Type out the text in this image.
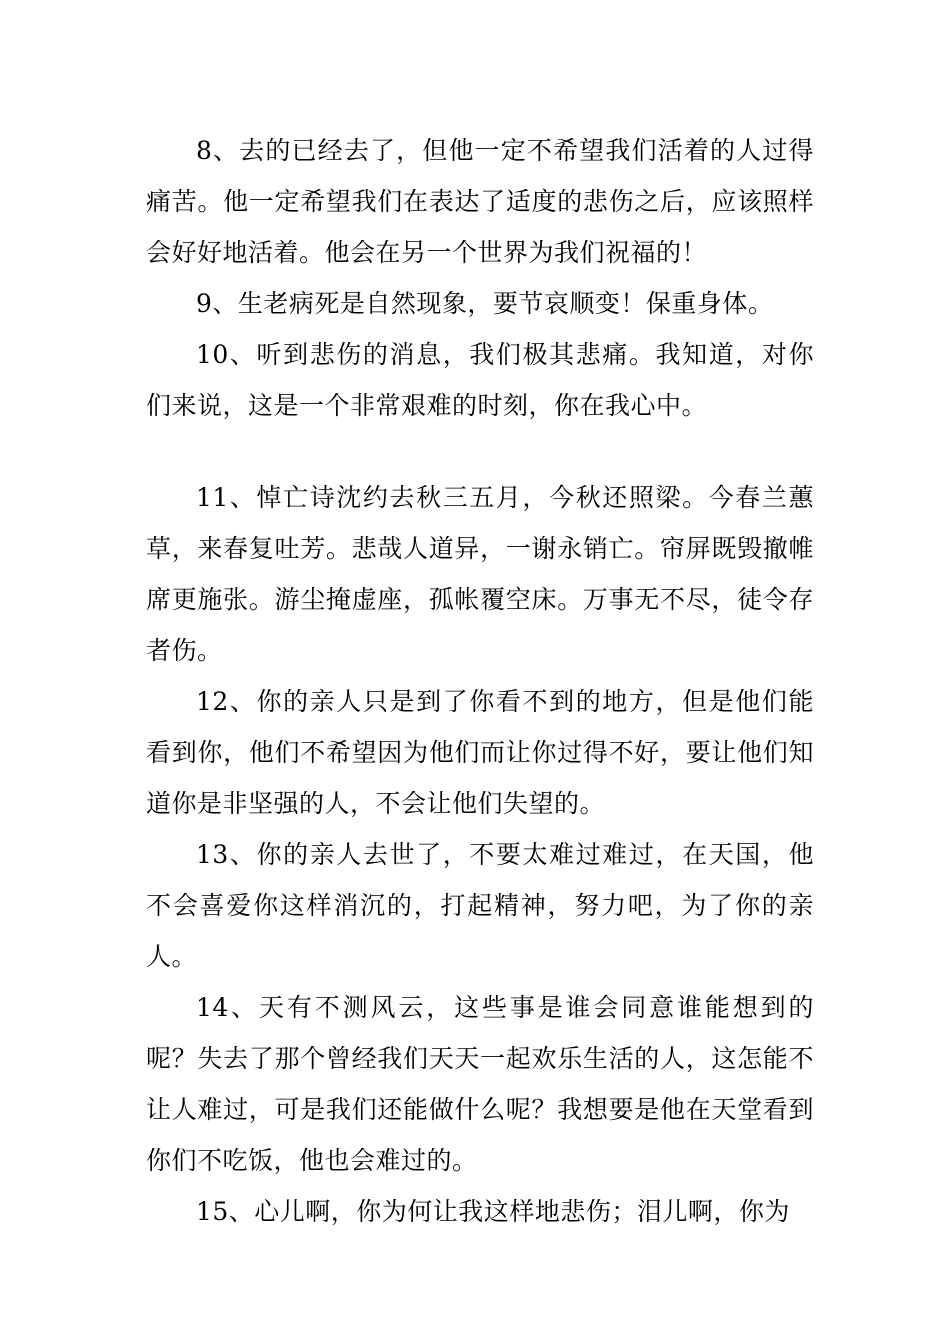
8、去的已经去了，但他一定不希望我们活着的人过得痛苦。他一定希望我们在表达了适度的悲伤之后，应该照样会好好地活着。他会在另一个世界为我们祝福的！

9、生老病死是自然现象，要节哀顺变！保重身体。

10、听到悲伤的消息，我们极其悲痛。我知道，对你们来说，这是一个非常艰难的时刻，你在我心中。

11、悼亡诗沈约去秋三五月，今秋还照梁。今春兰蕙草，来春复吐芳。悲哉人道异，一谢永销亡。帘屏既毁撤帷席更施张。游尘掩虚座，孤帐覆空床。万事无不尽，徒令存者伤。

12、你的亲人只是到了你看不到的地方，但是他们能看到你，他们不希望因为他们而让你过得不好，要让他们知道你是非坚强的人，不会让他们失望的。

13、你的亲人去世了，不要太难过难过，在天国，他不会喜爱你这样消沉的，打起精神，努力吧，为了你的亲人。

14、天有不测风云，这些事是谁会同意谁能想到的呢？失去了那个曾经我们天天一起欢乐生活的人，这怎能不让人难过，可是我们还能做什么呢？我想要是他在天堂看到你们不吃饭，他也会难过的。

15、心儿啊，你为何让我这样地悲伤；泪儿啊，你为
